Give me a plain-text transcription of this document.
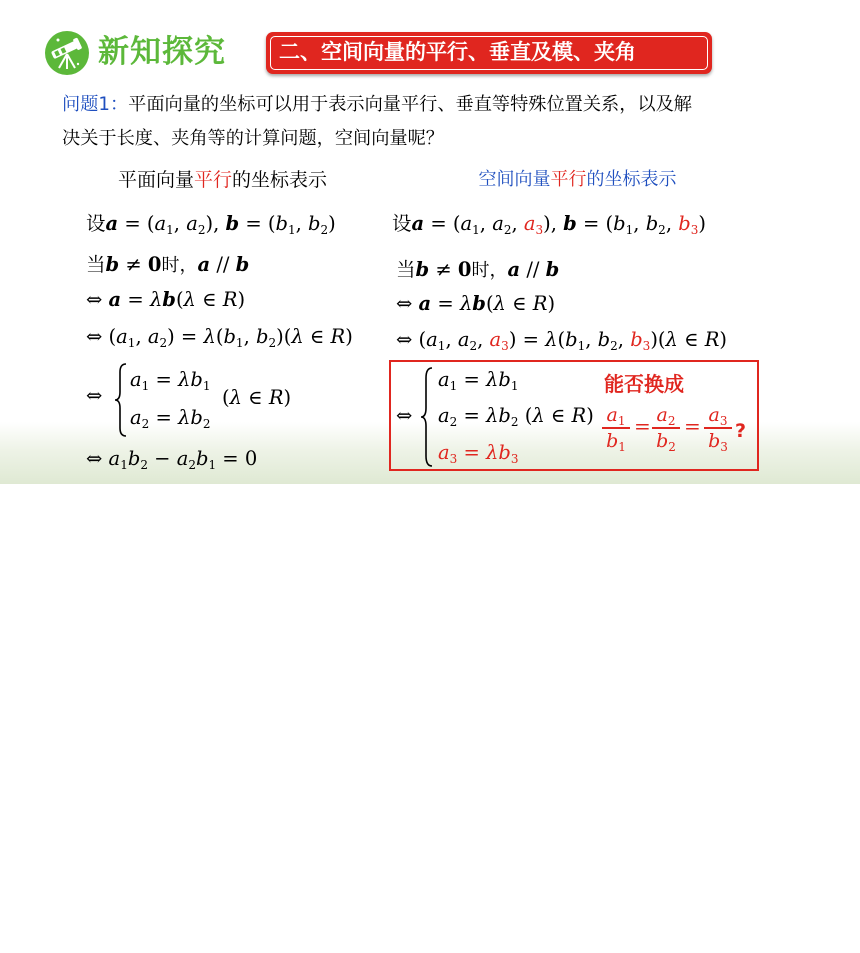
新知探究	二、空间向量的平行、垂直及模、夹角
问题1：平面向量的坐标可以用于表示向量平行、垂直等特殊位置关系，以及解
决关于长度、夹角等的计算问题，空间向量呢？
平面向量平行的坐标表示	空间向量平行的坐标表示
设$a = (a_1$, $a_2$), $b = (b_1$, $b_2$)	设$a = (a_1$, $a_2$, $a_3$), $b = (b_1$, $b_2$, $b_3$)
当b ≠ 0时，a // b
⇔ a = λb(λ ∈ R)
⇔ ($a_1$, $a_2) = \lambda(b_1$, $b_2)(\lambda$ ∈ R)
⇔
$a_1 = \lambda b_1$
$a_2 = \lambda b_2$
(λ ∈ R)
⇔ $a_1b_2 - a_2b_1 = 0$
当b ≠ 0时，a // b
⇔ a = λb(λ ∈ R)
⇔ ($a_1$, $a_2$, $a_3) = \lambda(b_1$, $b_2$, $b_3)(\lambda$ ∈ R)
⇔
$a_1 = \lambda b_1$
$a_2 = \lambda b_2$ (λ ∈ R)
$a_3 = \lambda b_3$
能否换成
$a_1$
$b_1$
= $a_2$
$b_2$
= $a_3$
$b_3$
?
